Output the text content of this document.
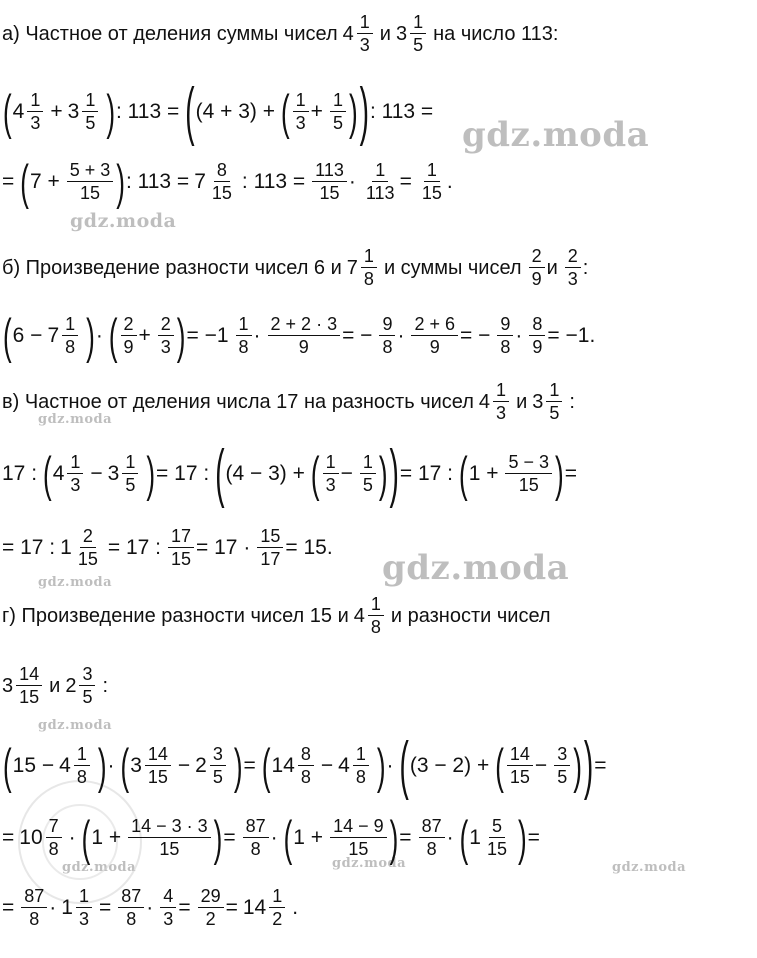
gdz.moda
gdz.moda
gdz.moda
gdz.moda
gdz.moda
gdz.moda
gdz.moda	gdz.moda	gdz.moda
а) Частное от деления суммы чисел $4 \frac{1}{3}$ и $3 \frac{1}{5}$ на число 113:
( $4 \frac{1}{3} + 3 \frac{1}{5}$ ) : 113 = ( (4 + 3) + ( $\frac{1}{3} + \frac{1}{5}$ ) ) : 113 =
= ( $7 + \frac{5 + 3}{15}$ ) : $113 = 7 \frac{8}{15}$ : $113 = \frac{113}{15} \cdot \frac{1}{113} = \frac{1}{15}$ .
б) Произведение разности чисел 6 и $7 \frac{1}{8}$ и суммы чисел $\frac{2}{9}$ и $\frac{2}{3}$ :
( $6 - 7 \frac{1}{8}$ ) · ( $\frac{2}{9} + \frac{2}{3}$ ) = $-1 \frac{1}{8} \cdot \frac{2 + 2 \cdot 3}{9}$ = − $\frac{9}{8} \cdot \frac{2 + 6}{9}$ = − $\frac{9}{8} \cdot \frac{8}{9} = -1$.
в) Частное от деления числа 17 на разность чисел $4 \frac{1}{3}$ и $3 \frac{1}{5}$ :
17 : ( $4 \frac{1}{3} - 3 \frac{1}{5}$ ) = 17 : ( (4 − 3) + ( $\frac{1}{3} - \frac{1}{5}$ ) ) = 17 : ( $1 + \frac{5 - 3}{15}$ ) =
= 17 : $1 \frac{2}{15} = 17$ : $\frac{17}{15} = 17 \cdot \frac{15}{17} = 15$.
г) Произведение разности чисел 15 и $4 \frac{1}{8}$ и разности чисел
$3 \frac{14}{15}$ и $2 \frac{3}{5}$ :
( $15 - 4 \frac{1}{8}$ ) · ( $3 \frac{14}{15} - 2 \frac{3}{5}$ ) = ( $14 \frac{8}{8} - 4 \frac{1}{8}$ ) · ( (3 − 2) + ( $\frac{14}{15} - \frac{3}{5}$ ) ) =
= $10 \frac{7}{8}$ · ( $1 + \frac{14 - 3 \cdot 3}{15}$ ) = $\frac{87}{8}$ · ( $1 + \frac{14 - 9}{15}$ ) = $\frac{87}{8}$ · ( $1 \frac{5}{15}$ ) =
= $\frac{87}{8} \cdot 1 \frac{1}{3} = \frac{87}{8} \cdot \frac{4}{3} = \frac{29}{2} = 14 \frac{1}{2}$ .
